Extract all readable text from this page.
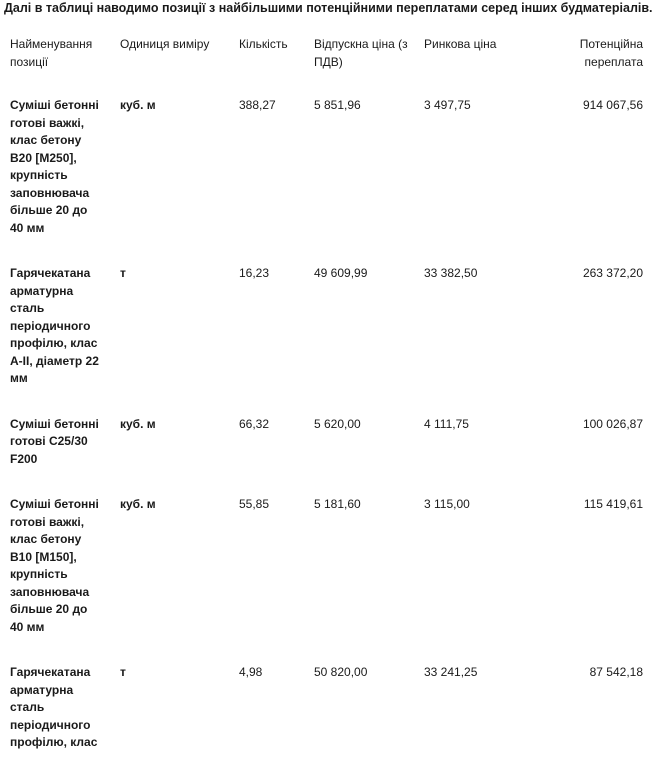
Далі в таблиці наводимо позиції з найбільшими потенційними переплатами серед інших будматеріалів.
Найменування позиції	Одиниця виміру	Кількість	Відпускна ціна (з ПДВ)	Ринкова ціна	Потенційна переплата
Суміші бетонні готові важкі, клас бетону В20 [М250], крупність заповнювача більше 20 до 40 мм	куб. м	388,27	5 851,96	3 497,75	914 067,56
Гарячекатана арматурна сталь періодичного профілю, клас А-ІІ, діаметр 22 мм	т	16,23	49 609,99	33 382,50	263 372,20
Суміші бетонні готові С25/30 F200	куб. м	66,32	5 620,00	4 111,75	100 026,87
Суміші бетонні готові важкі, клас бетону В10 [М150], крупність заповнювача більше 20 до 40 мм	куб. м	55,85	5 181,60	3 115,00	115 419,61
Гарячекатана арматурна сталь періодичного профілю, клас	т	4,98	50 820,00	33 241,25	87 542,18
